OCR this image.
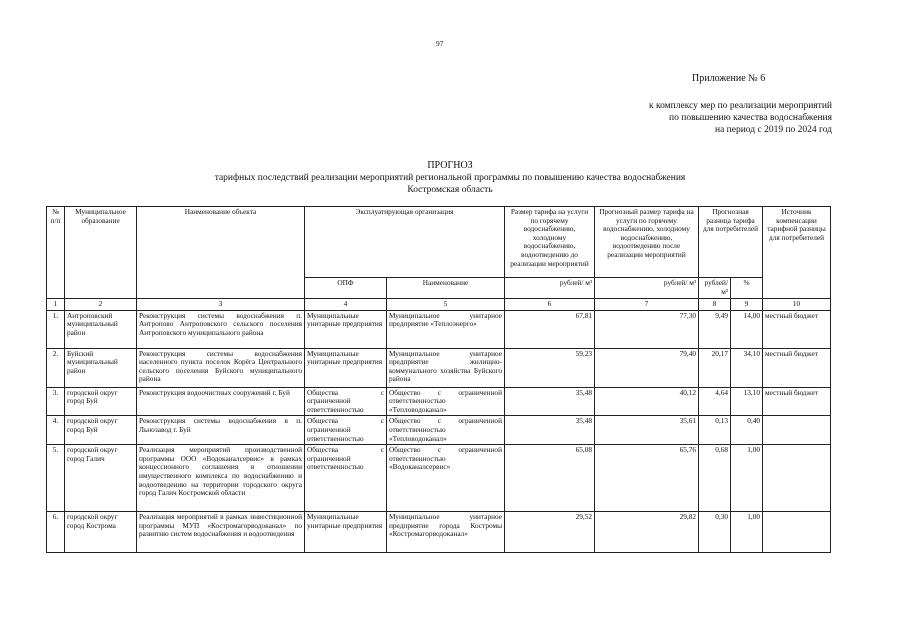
97
Приложение № 6
к комплексу мер по реализации мероприятий
по повышению качества водоснабжения
на период с 2019 по 2024 год
ПРОГНОЗ
тарифных последствий реализации мероприятий региональной программы по повышению качества водоснабжения
Костромская область
№ п/п	Муниципальное образование	Наименование объекта	Эксплуатирующая организация		Размер тарифа на услуги по горячему водоснабжению, холодному водоснабжению, водоотведению до реализации мероприятий	Прогнозный размер тарифа на услуги по горячему водоснабжению, холодному водоснабжению, водоотведению после реализации мероприятий	Прогнозная разница тарифа для потребителей		Источник компенсации тарифной разницы для потребителей
			ОПФ	Наименование	рублей/ м³	рублей/ м³	рублей/ м³	%	
1	2	3	4	5	6	7	8	9	10
1.	Антроповский муниципальный район	Реконструкция системы водоснабжения п. Антропово Антроповского сельского поселения Антроповского муниципального района	Муниципальные унитарные предприятия	Муниципальное унитарное предприятие «Теплоэнерго»	67,81	77,30	9,49	14,00	местный бюджет
2.	Буйский муниципальный район	Реконструкция системы водоснабжения населенного пункта поселок Корёга Центрального сельского поселения Буйского муниципального района	Муниципальные унитарные предприятия	Муниципальное унитарное предприятие жилищно-коммунального хозяйства Буйского района	59,23	79,40	20,17	34,10	местный бюджет
3.	городской округ город Буй	Реконструкция водоочистных сооружений г. Буй	Общества с ограниченной ответственностью	Общество с ограниченной ответственностью «Тепловодоканал»	35,48	40,12	4,64	13,10	местный бюджет
4.	городской округ город Буй	Реконструкция системы водоснабжения в п. Льнозавод г. Буй	Общества с ограниченной ответственностью	Общество с ограниченной ответственностью «Тепловодоканал»	35,48	35,61	0,13	0,40	
5.	городской округ город Галич	Реализация мероприятий производственной программы ООО «Водоканалсервис» в рамках концессионного соглашения в отношении имущественного комплекса по водоснабжению и водоотведению на территории городского округа город Галич Костромской области	Общества с ограниченной ответственностью	Общество с ограниченной ответственностью «Водоканалсервис»	65,08	65,76	0,68	1,00	
6.	городской округ город Кострома	Реализация мероприятий в рамках инвестиционной программы МУП «Костромагорводоканал» по развитию систем водоснабжения и водоотведения	Муниципальные унитарные предприятия	Муниципальное унитарное предприятие города Костромы «Костромагорводоканал»	29,52	29,82	0,30	1,00	
